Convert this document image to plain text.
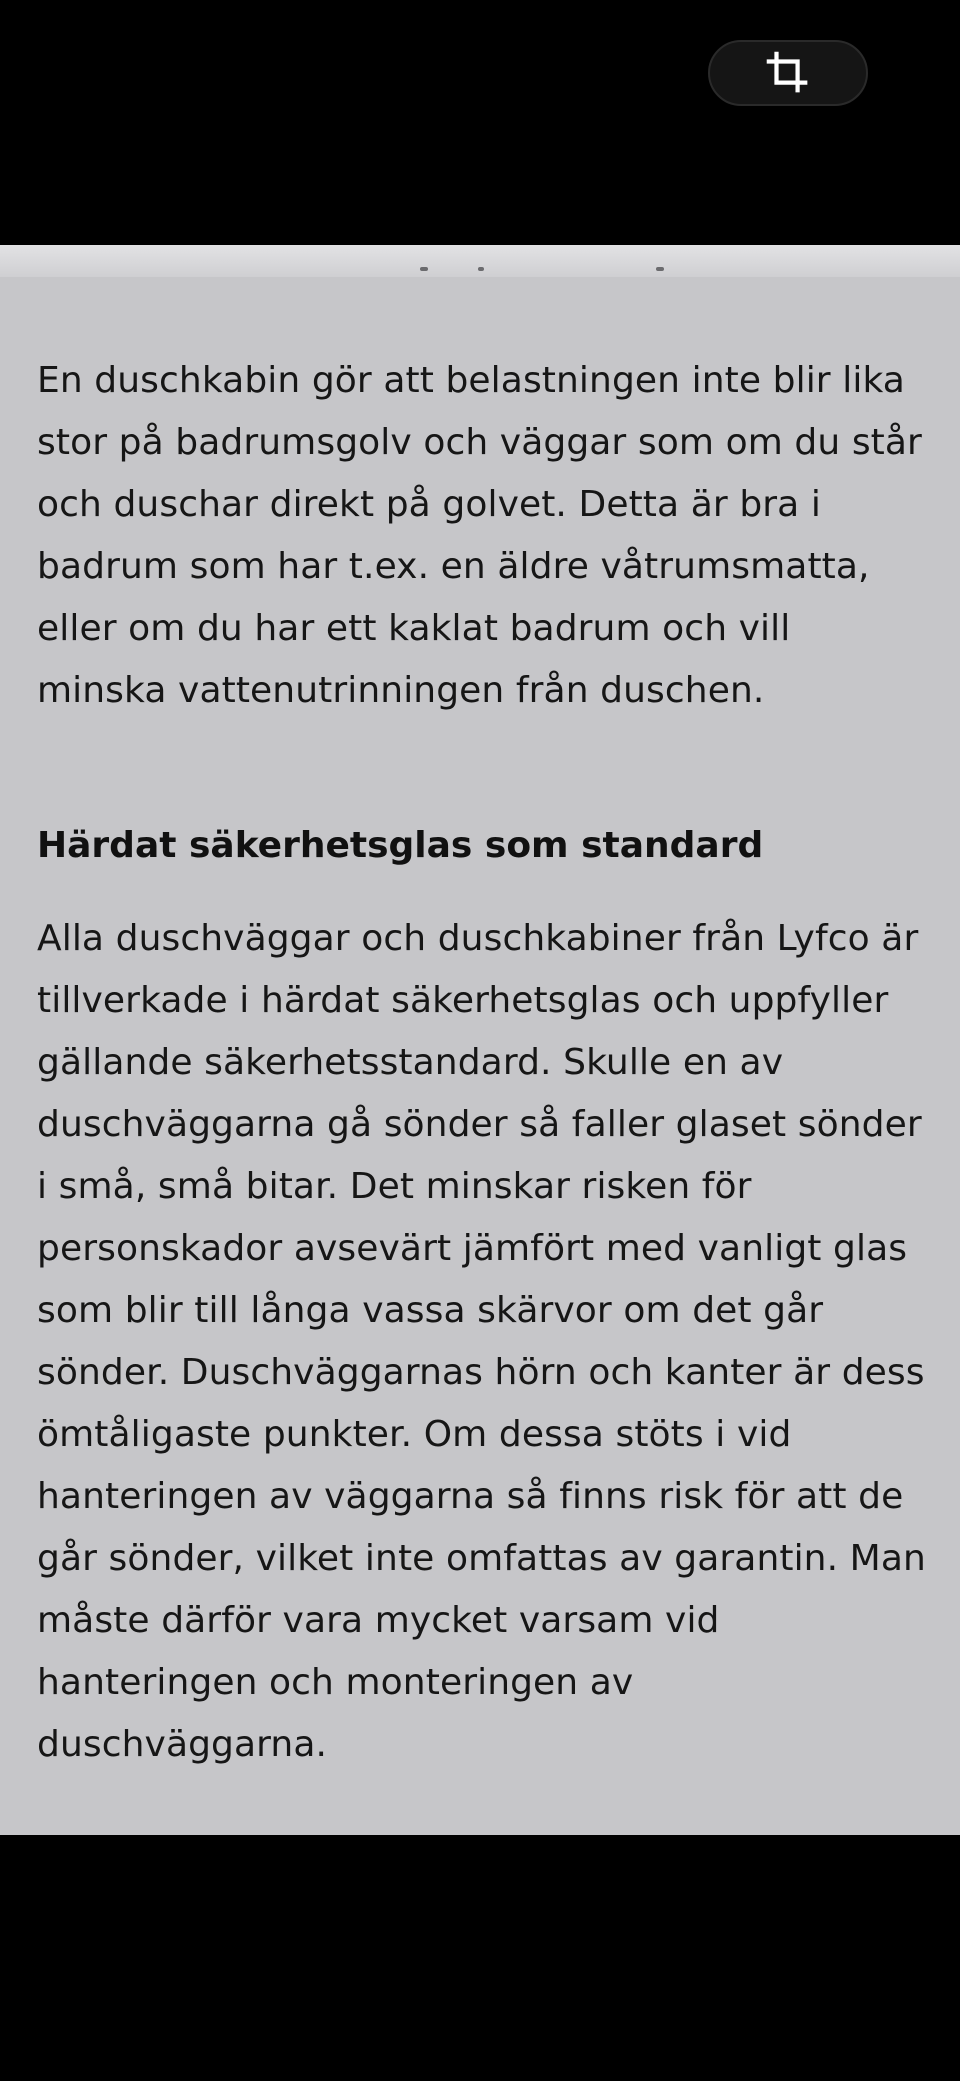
En duschkabin gör att belastningen inte blir lika stor på badrumsgolv och väggar som om du står och duschar direkt på golvet. Detta är bra i badrum som har t.ex. en äldre våtrumsmatta, eller om du har ett kaklat badrum och vill minska vattenutrinningen från duschen.

Härdat säkerhetsglas som standard

Alla duschväggar och duschkabiner från Lyfco är tillverkade i härdat säkerhetsglas och uppfyller gällande säkerhetsstandard. Skulle en av duschväggarna gå sönder så faller glaset sönder i små, små bitar. Det minskar risken för personskador avsevärt jämfört med vanligt glas som blir till långa vassa skärvor om det går sönder. Duschväggarnas hörn och kanter är dess ömtåligaste punkter. Om dessa stöts i vid hanteringen av väggarna så finns risk för att de går sönder, vilket inte omfattas av garantin. Man måste därför vara mycket varsam vid hanteringen och monteringen av duschväggarna.
